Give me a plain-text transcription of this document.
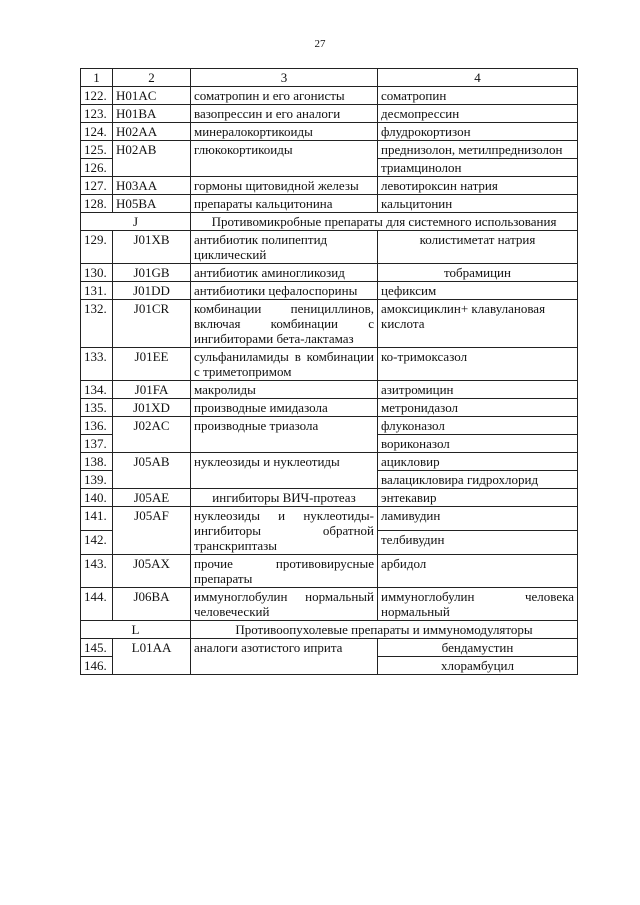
27
1	2	3	4
122.	H01AC	соматропин и его агонисты	соматропин
123.	H01BA	вазопрессин и его аналоги	десмопрессин
124.	H02AA	минералокортикоиды	флудрокортизон
125.	H02AB	глюкокортикоиды	преднизолон, метилпреднизолон
126.			триамцинолон
127.	H03AA	гормоны щитовидной железы	левотироксин натрия
128.	H05BA	препараты кальцитонина	кальцитонин
J		Противомикробные препараты для системного использования	
129.	J01XB	антибиотик полипептид циклический	колистиметат натрия
130.	J01GB	антибиотик аминогликозид	тобрамицин
131.	J01DD	антибиотики цефалоспорины	цефиксим
132.	J01CR	комбинации пенициллинов, включая комбинации с ингибиторами бета-лактамаз	амоксициклин+ клавулановая кислота
133.	J01EE	сульфаниламиды в комбинации с триметопримом	ко-тримоксазол
134.	J01FA	макролиды	азитромицин
135.	J01XD	производные имидазола	метронидазол
136.	J02AC	производные триазола	флуконазол
137.			вориконазол
138.	J05AB	нуклеозиды и нуклеотиды	ацикловир
139.			валацикловира гидрохлорид
140.	J05AE	ингибиторы ВИЧ-протеаз	энтекавир
141.	J05AF	нуклеозиды и нуклеотиды-ингибиторы обратной транскриптазы	ламивудин
142.			телбивудин
143.	J05AX	прочие противовирусные препараты	арбидол
144.	J06BA	иммуноглобулин нормальный человеческий	иммуноглобулин человека нормальный
L		Противоопухолевые препараты и иммуномодуляторы	
145.	L01AA	аналоги азотистого иприта	бендамустин
146.			хлорамбуцил
